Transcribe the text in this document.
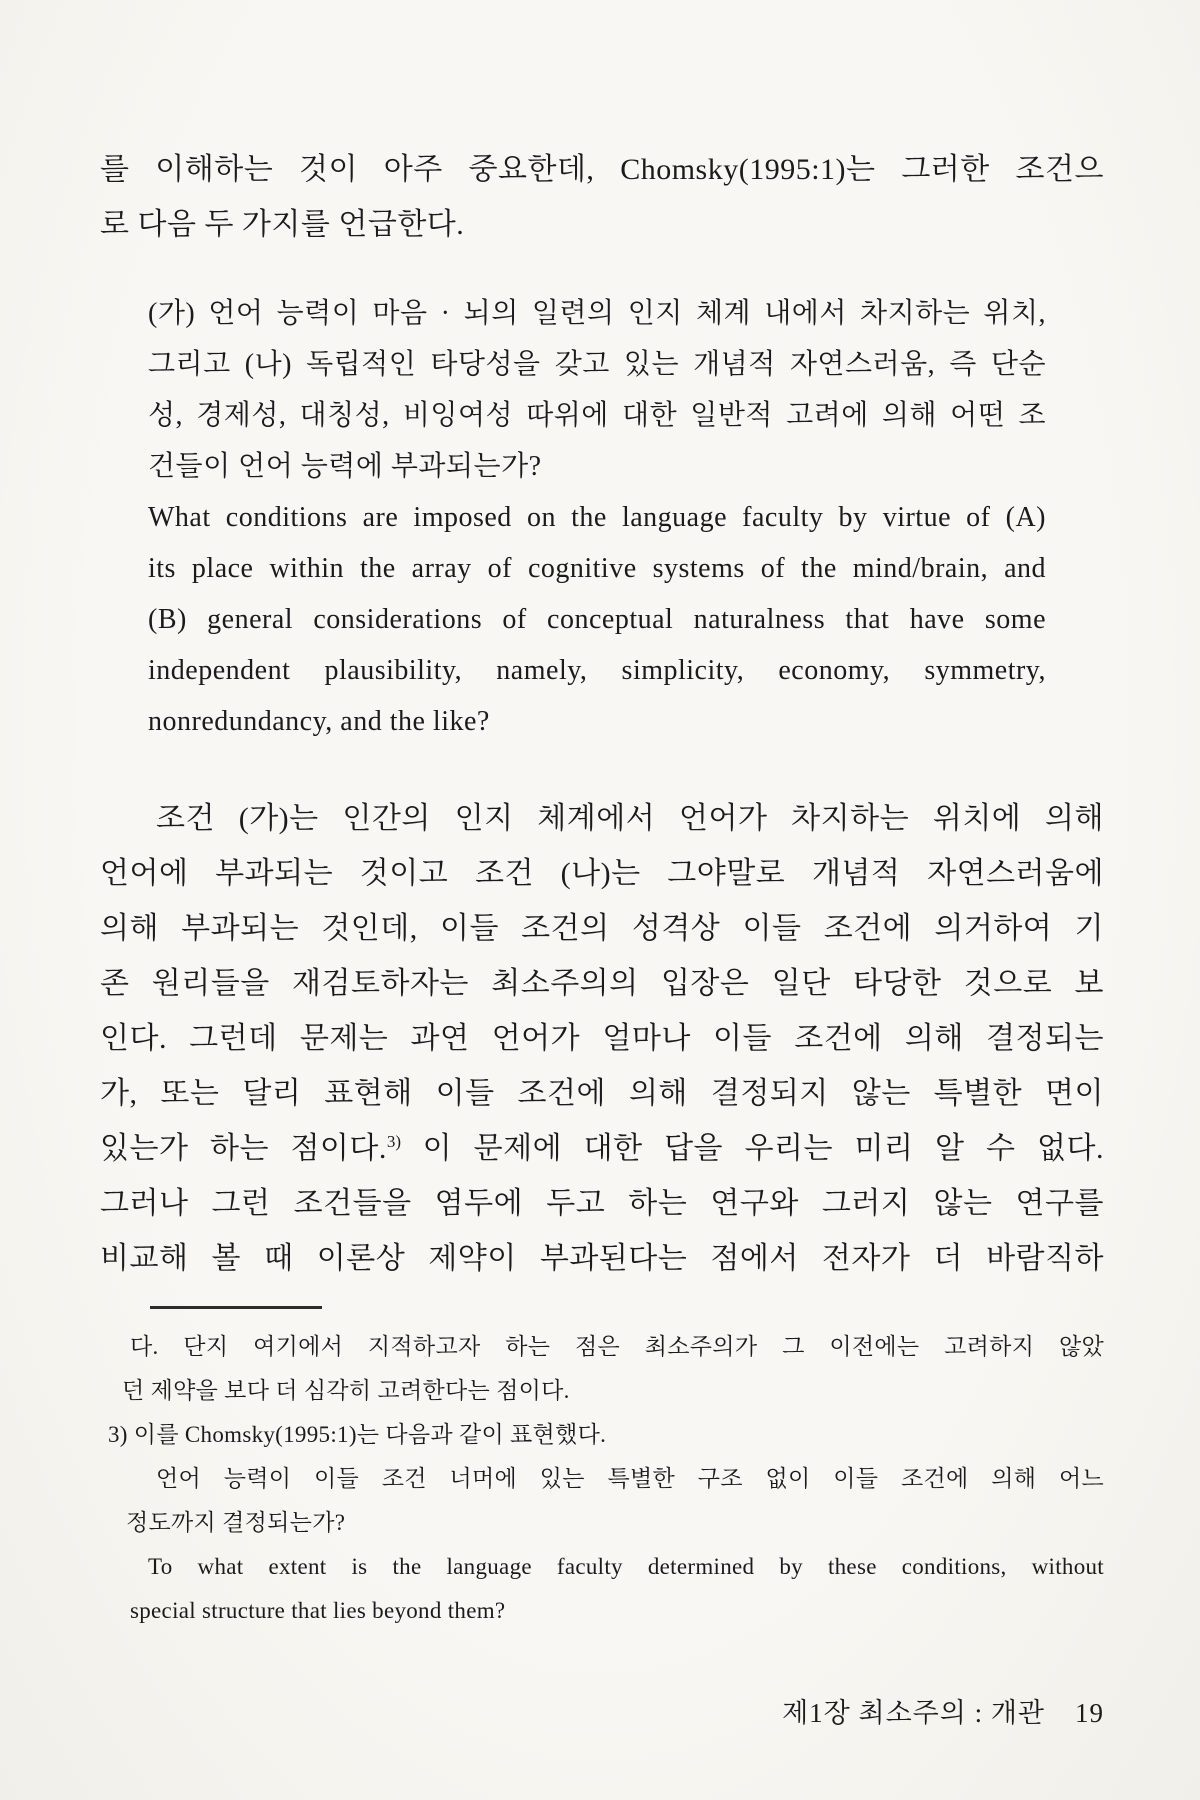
를 이해하는 것이 아주 중요한데, Chomsky(1995:1)는 그러한 조건으
로 다음 두 가지를 언급한다.
(가) 언어 능력이 마음 · 뇌의 일련의 인지 체계 내에서 차지하는 위치,
그리고 (나) 독립적인 타당성을 갖고 있는 개념적 자연스러움, 즉 단순
성, 경제성, 대칭성, 비잉여성 따위에 대한 일반적 고려에 의해 어떤 조
건들이 언어 능력에 부과되는가?
What conditions are imposed on the language faculty by virtue of (A)
its place within the array of cognitive systems of the mind/brain, and
(B) general considerations of conceptual naturalness that have some
independent plausibility, namely, simplicity, economy, symmetry,
nonredundancy, and the like?
조건 (가)는 인간의 인지 체계에서 언어가 차지하는 위치에 의해
언어에 부과되는 것이고 조건 (나)는 그야말로 개념적 자연스러움에
의해 부과되는 것인데, 이들 조건의 성격상 이들 조건에 의거하여 기
존 원리들을 재검토하자는 최소주의의 입장은 일단 타당한 것으로 보
인다. 그런데 문제는 과연 언어가 얼마나 이들 조건에 의해 결정되는
가, 또는 달리 표현해 이들 조건에 의해 결정되지 않는 특별한 면이
있는가 하는 점이다.$^{3)}$ 이 문제에 대한 답을 우리는 미리 알 수 없다.
그러나 그런 조건들을 염두에 두고 하는 연구와 그러지 않는 연구를
비교해 볼 때 이론상 제약이 부과된다는 점에서 전자가 더 바람직하
다. 단지 여기에서 지적하고자 하는 점은 최소주의가 그 이전에는 고려하지 않았
던 제약을 보다 더 심각히 고려한다는 점이다.
3) 이를 Chomsky(1995:1)는 다음과 같이 표현했다.
언어 능력이 이들 조건 너머에 있는 특별한 구조 없이 이들 조건에 의해 어느
정도까지 결정되는가?
To what extent is the language faculty determined by these conditions, without
special structure that lies beyond them?
제1장 최소주의 : 개관 19
